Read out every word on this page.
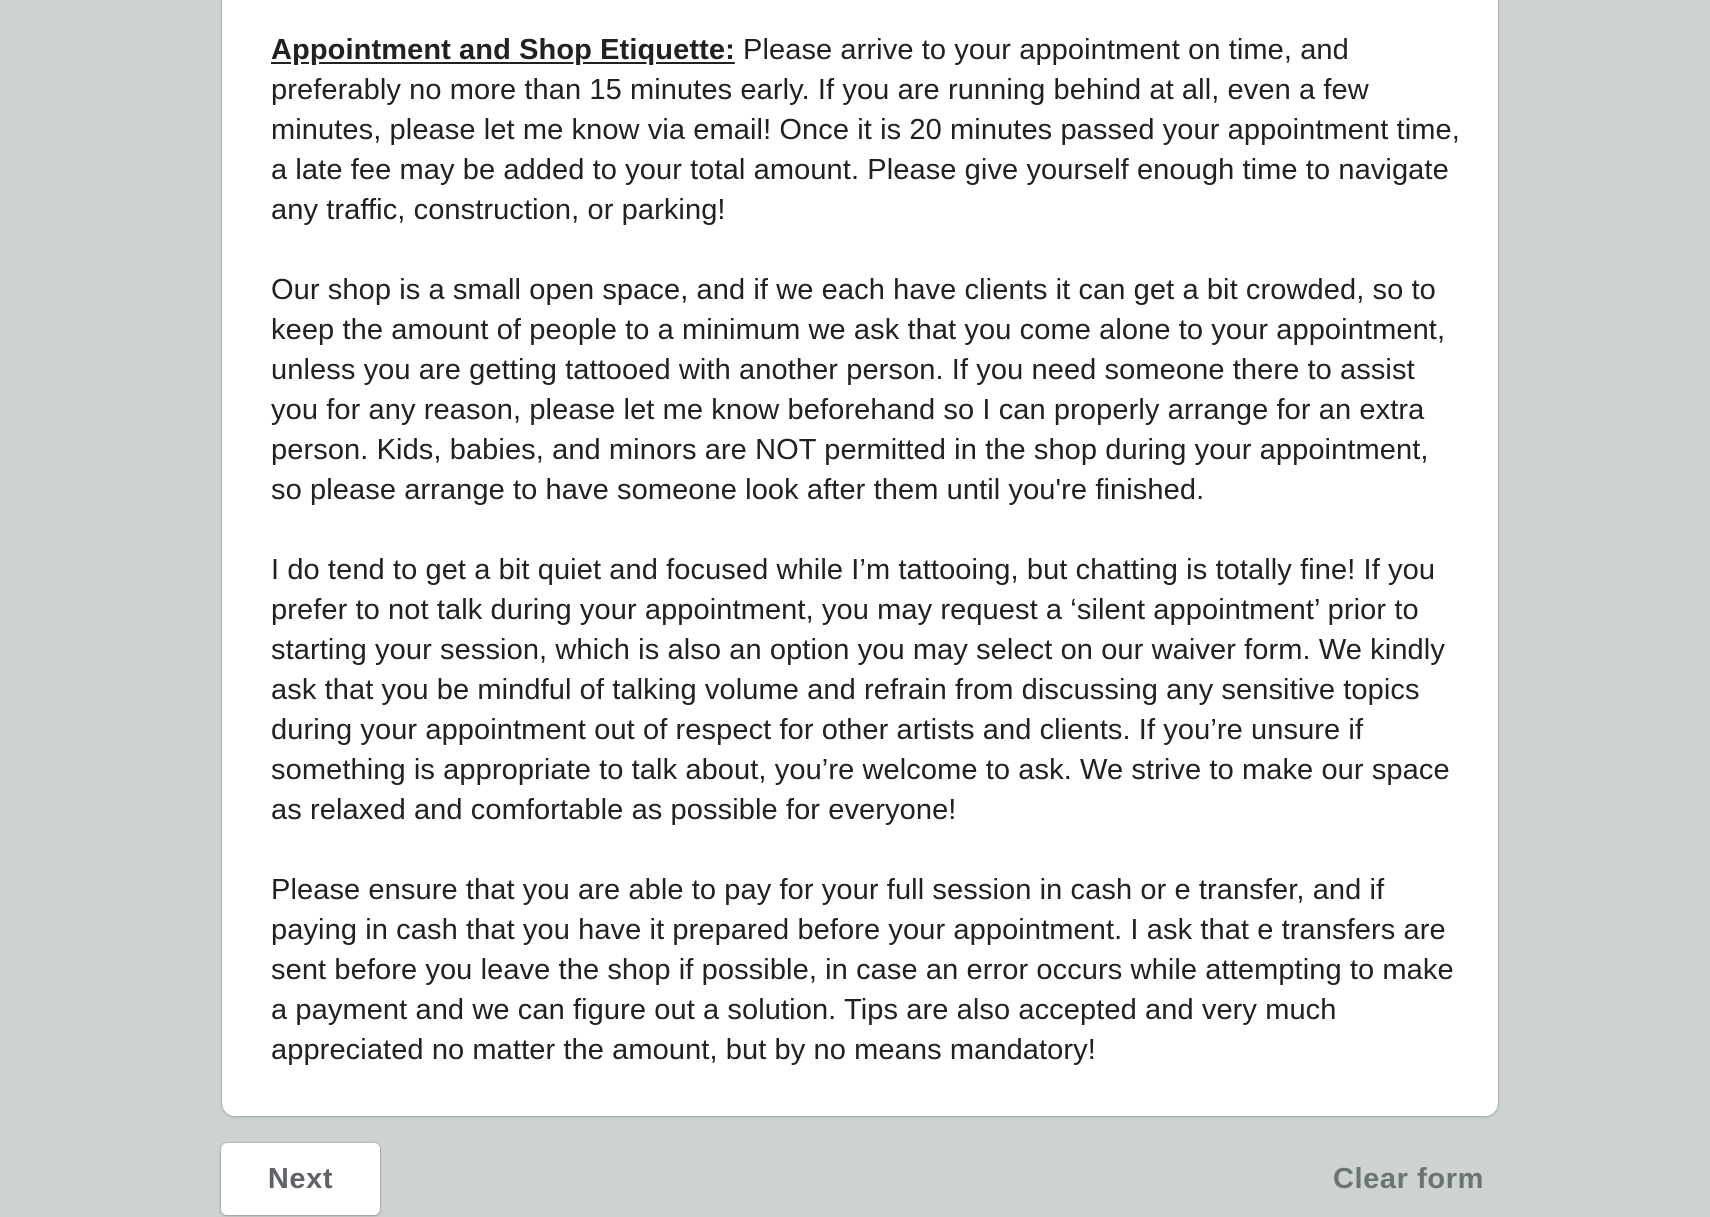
Appointment and Shop Etiquette: Please arrive to your appointment on time, and preferably no more than 15 minutes early. If you are running behind at all, even a few minutes, please let me know via email! Once it is 20 minutes passed your appointment time, a late fee may be added to your total amount. Please give yourself enough time to navigate any traffic, construction, or parking!

Our shop is a small open space, and if we each have clients it can get a bit crowded, so to keep the amount of people to a minimum we ask that you come alone to your appointment, unless you are getting tattooed with another person. If you need someone there to assist you for any reason, please let me know beforehand so I can properly arrange for an extra person. Kids, babies, and minors are NOT permitted in the shop during your appointment, so please arrange to have someone look after them until you're finished.

I do tend to get a bit quiet and focused while I’m tattooing, but chatting is totally fine! If you prefer to not talk during your appointment, you may request a ‘silent appointment’ prior to starting your session, which is also an option you may select on our waiver form. We kindly ask that you be mindful of talking volume and refrain from discussing any sensitive topics during your appointment out of respect for other artists and clients. If you’re unsure if something is appropriate to talk about, you’re welcome to ask. We strive to make our space as relaxed and comfortable as possible for everyone!

Please ensure that you are able to pay for your full session in cash or e transfer, and if paying in cash that you have it prepared before your appointment. I ask that e transfers are sent before you leave the shop if possible, in case an error occurs while attempting to make a payment and we can figure out a solution. Tips are also accepted and very much appreciated no matter the amount, but by no means mandatory!

Next	Clear form
